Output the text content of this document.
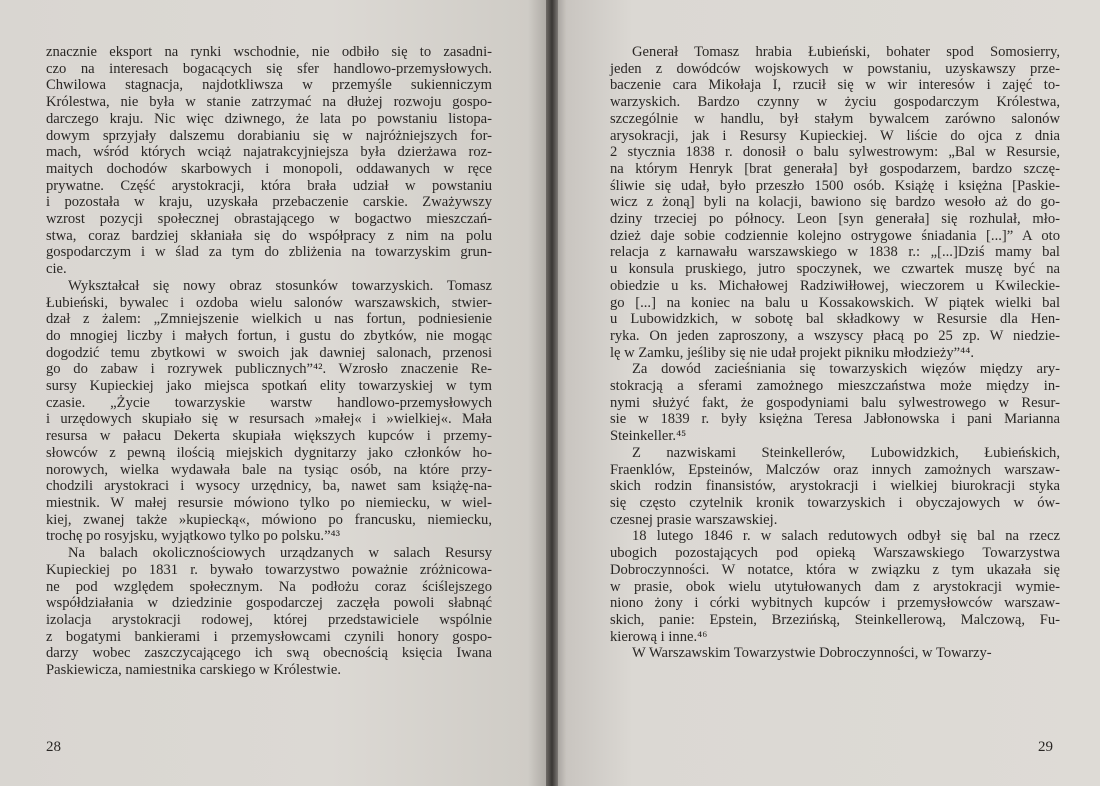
znacznie eksport na rynki wschodnie, nie odbiło się to zasadni-
czo na interesach bogacących się sfer handlowo-przemysłowych.
Chwilowa stagnacja, najdotkliwsza w przemyśle sukienniczym
Królestwa, nie była w stanie zatrzymać na dłużej rozwoju gospo-
darczego kraju. Nic więc dziwnego, że lata po powstaniu listopa-
dowym sprzyjały dalszemu dorabianiu się w najróżniejszych for-
mach, wśród których wciąż najatrakcyjniejsza była dzierżawa roz-
maitych dochodów skarbowych i monopoli, oddawanych w ręce
prywatne. Część arystokracji, która brała udział w powstaniu
i pozostała w kraju, uzyskała przebaczenie carskie. Zważywszy
wzrost pozycji społecznej obrastającego w bogactwo mieszczań-
stwa, coraz bardziej skłaniała się do współpracy z nim na polu
gospodarczym i w ślad za tym do zbliżenia na towarzyskim grun-
cie.

Wykształcał się nowy obraz stosunków towarzyskich. Tomasz
Łubieński, bywalec i ozdoba wielu salonów warszawskich, stwier-
dzał z żalem: „Zmniejszenie wielkich u nas fortun, podniesienie
do mnogiej liczby i małych fortun, i gustu do zbytków, nie mogąc
dogodzić temu zbytkowi w swoich jak dawniej salonach, przenosi
go do zabaw i rozrywek publicznych”⁴². Wzrosło znaczenie Re-
sursy Kupieckiej jako miejsca spotkań elity towarzyskiej w tym
czasie. „Życie towarzyskie warstw handlowo-przemysłowych
i urzędowych skupiało się w resursach »małej« i »wielkiej«. Mała
resursa w pałacu Dekerta skupiała większych kupców i przemy-
słowców z pewną ilością miejskich dygnitarzy jako członków ho-
norowych, wielka wydawała bale na tysiąc osób, na które przy-
chodzili arystokraci i wysocy urzędnicy, ba, nawet sam książę-na-
miestnik. W małej resursie mówiono tylko po niemiecku, w wiel-
kiej, zwanej także »kupiecką«, mówiono po francusku, niemiecku,
trochę po rosyjsku, wyjątkowo tylko po polsku.”⁴³

Na balach okolicznościowych urządzanych w salach Resursy
Kupieckiej po 1831 r. bywało towarzystwo poważnie zróżnicowa-
ne pod względem społecznym. Na podłożu coraz ściślejszego
współdziałania w dziedzinie gospodarczej zaczęła powoli słabnąć
izolacja arystokracji rodowej, której przedstawiciele wspólnie
z bogatymi bankierami i przemysłowcami czynili honory gospo-
darzy wobec zaszczycającego ich swą obecnością księcia Iwana
Paskiewicza, namiestnika carskiego w Królestwie.

28

Generał Tomasz hrabia Łubieński, bohater spod Somosierry,
jeden z dowódców wojskowych w powstaniu, uzyskawszy prze-
baczenie cara Mikołaja I, rzucił się w wir interesów i zajęć to-
warzyskich. Bardzo czynny w życiu gospodarczym Królestwa,
szczególnie w handlu, był stałym bywalcem zarówno salonów
arysokracji, jak i Resursy Kupieckiej. W liście do ojca z dnia
2 stycznia 1838 r. donosił o balu sylwestrowym: „Bal w Resursie,
na którym Henryk [brat generała] był gospodarzem, bardzo szczę-
śliwie się udał, było przeszło 1500 osób. Książę i księżna [Paskie-
wicz z żoną] byli na kolacji, bawiono się bardzo wesoło aż do go-
dziny trzeciej po północy. Leon [syn generała] się rozhulał, mło-
dzież daje sobie codziennie kolejno ostrygowe śniadania [...]” A oto
relacja z karnawału warszawskiego w 1838 r.: „[...]Dziś mamy bal
u konsula pruskiego, jutro spoczynek, we czwartek muszę być na
obiedzie u ks. Michałowej Radziwiłłowej, wieczorem u Kwileckie-
go [...] na koniec na balu u Kossakowskich. W piątek wielki bal
u Lubowidzkich, w sobotę bal składkowy w Resursie dla Hen-
ryka. On jeden zaproszony, a wszyscy płacą po 25 zp. W niedzie-
lę w Zamku, jeśliby się nie udał projekt pikniku młodzieży”⁴⁴.

Za dowód zacieśniania się towarzyskich więzów między ary-
stokracją a sferami zamożnego mieszczaństwa może między in-
nymi służyć fakt, że gospodyniami balu sylwestrowego w Resur-
sie w 1839 r. były księżna Teresa Jabłonowska i pani Marianna
Steinkeller.⁴⁵

Z nazwiskami Steinkellerów, Lubowidzkich, Łubieńskich,
Fraenklów, Epsteinów, Malczów oraz innych zamożnych warszaw-
skich rodzin finansistów, arystokracji i wielkiej biurokracji styka
się często czytelnik kronik towarzyskich i obyczajowych w ów-
czesnej prasie warszawskiej.

18 lutego 1846 r. w salach redutowych odbył się bal na rzecz
ubogich pozostających pod opieką Warszawskiego Towarzystwa
Dobroczynności. W notatce, która w związku z tym ukazała się
w prasie, obok wielu utytułowanych dam z arystokracji wymie-
niono żony i córki wybitnych kupców i przemysłowców warszaw-
skich, panie: Epstein, Brzezińską, Steinkellerową, Malczową, Fu-
kierową i inne.⁴⁶

W Warszawskim Towarzystwie Dobroczynności, w Towarzy-

29
